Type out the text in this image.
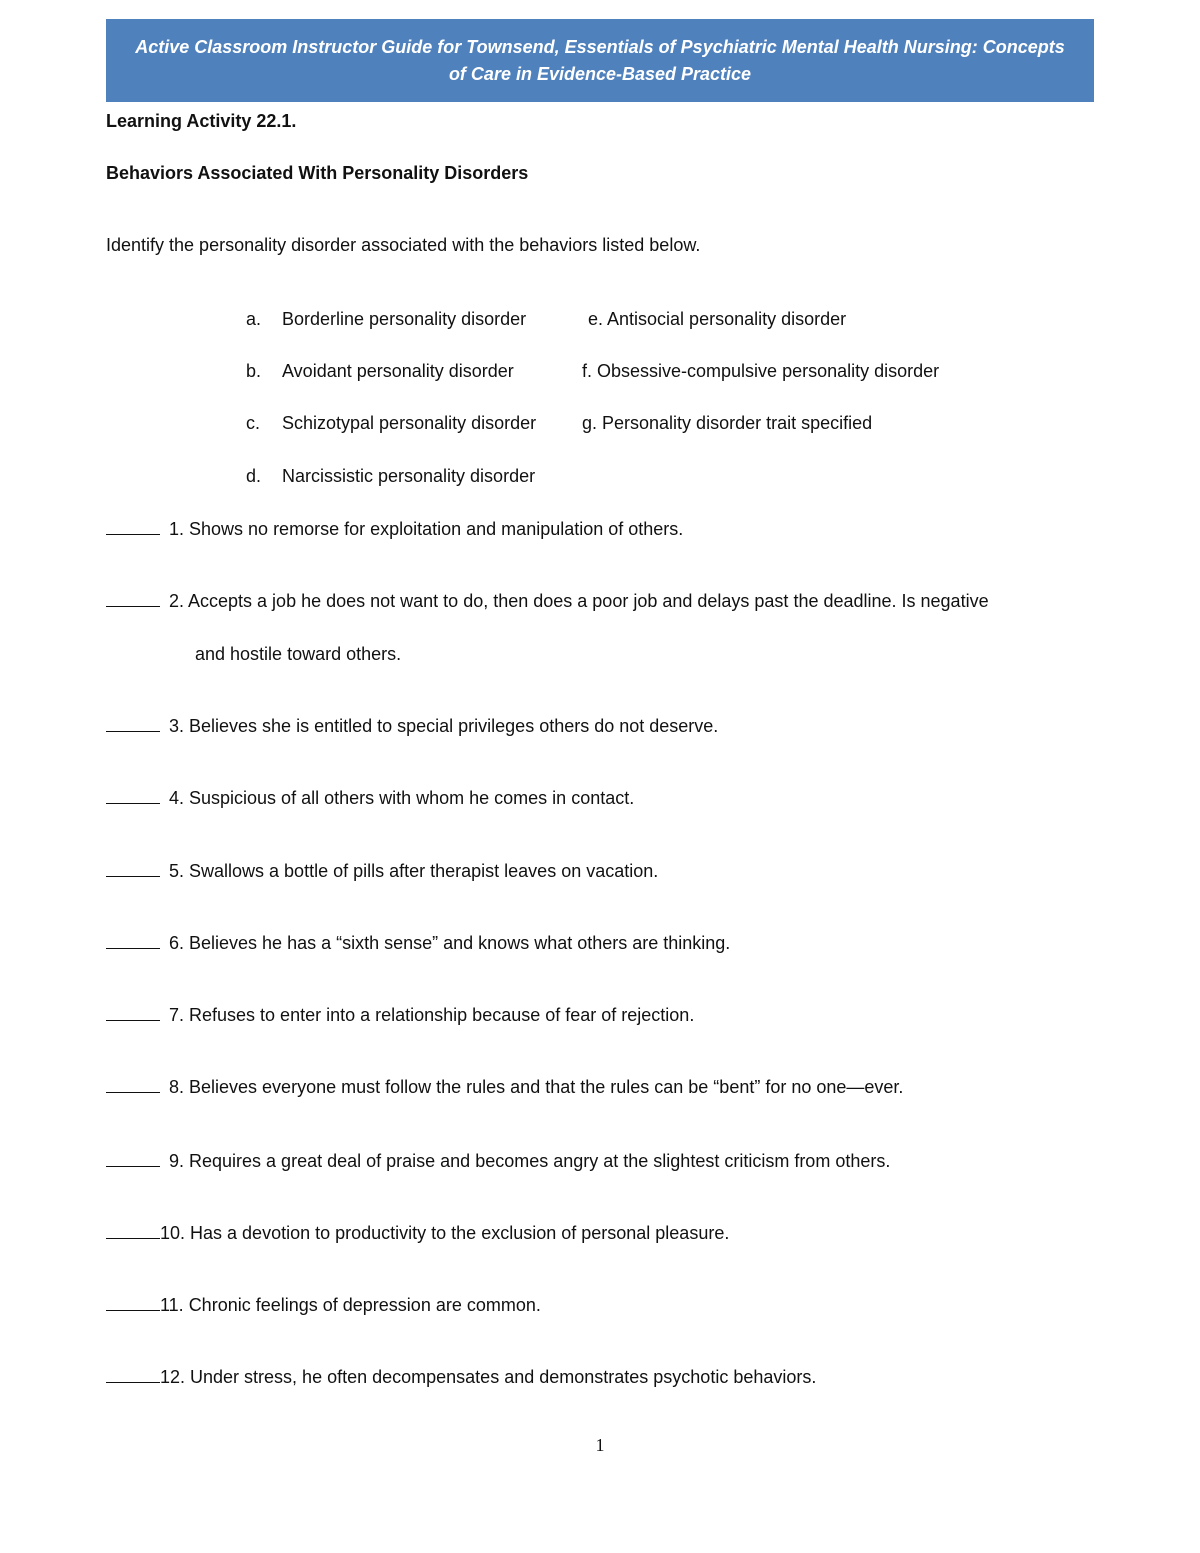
Active Classroom Instructor Guide for Townsend, Essentials of Psychiatric Mental Health Nursing: Concepts
of Care in Evidence-Based Practice
Learning Activity 22.1.
Behaviors Associated With Personality Disorders
Identify the personality disorder associated with the behaviors listed below.
a. Borderline personality disorder	e. Antisocial personality disorder
b. Avoidant personality disorder	f. Obsessive-compulsive personality disorder
c. Schizotypal personality disorder	g. Personality disorder trait specified
d. Narcissistic personality disorder
1. Shows no remorse for exploitation and manipulation of others.
2. Accepts a job he does not want to do, then does a poor job and delays past the deadline. Is negative
and hostile toward others.
3. Believes she is entitled to special privileges others do not deserve.
4. Suspicious of all others with whom he comes in contact.
5. Swallows a bottle of pills after therapist leaves on vacation.
6. Believes he has a “sixth sense” and knows what others are thinking.
7. Refuses to enter into a relationship because of fear of rejection.
8. Believes everyone must follow the rules and that the rules can be “bent” for no one—ever.
9. Requires a great deal of praise and becomes angry at the slightest criticism from others.
10. Has a devotion to productivity to the exclusion of personal pleasure.
11. Chronic feelings of depression are common.
12. Under stress, he often decompensates and demonstrates psychotic behaviors.
1
